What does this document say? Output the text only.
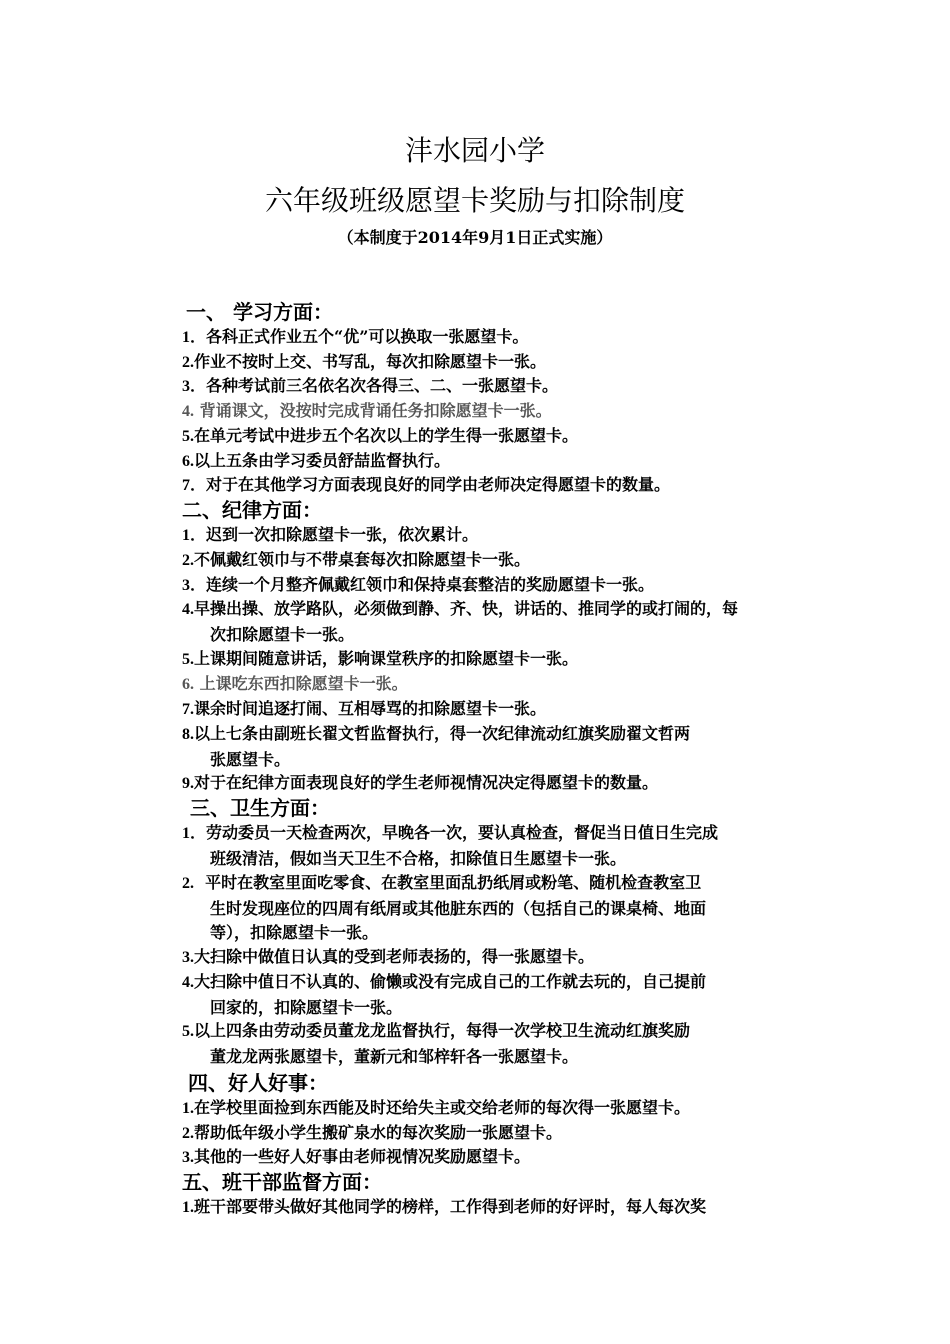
沣水园小学
六年级班级愿望卡奖励与扣除制度
（本制度于2014年9月1日正式实施）
一、 学习方面：
1．各科正式作业五个“优”可以换取一张愿望卡。
2.作业不按时上交、书写乱，每次扣除愿望卡一张。
3．各种考试前三名依名次各得三、二、一张愿望卡。
4. 背诵课文，没按时完成背诵任务扣除愿望卡一张。
5.在单元考试中进步五个名次以上的学生得一张愿望卡。
6.以上五条由学习委员舒喆监督执行。
7．对于在其他学习方面表现良好的同学由老师决定得愿望卡的数量。
二、纪律方面：
1．迟到一次扣除愿望卡一张，依次累计。
2.不佩戴红领巾与不带桌套每次扣除愿望卡一张。
3．连续一个月整齐佩戴红领巾和保持桌套整洁的奖励愿望卡一张。
4.早操出操、放学路队，必须做到静、齐、快，讲话的、推同学的或打闹的，每
次扣除愿望卡一张。
5.上课期间随意讲话，影响课堂秩序的扣除愿望卡一张。
6. 上课吃东西扣除愿望卡一张。
7.课余时间追逐打闹、互相辱骂的扣除愿望卡一张。
8.以上七条由副班长翟文哲监督执行，得一次纪律流动红旗奖励翟文哲两
张愿望卡。
9.对于在纪律方面表现良好的学生老师视情况决定得愿望卡的数量。
三、卫生方面：
1．劳动委员一天检查两次，早晚各一次，要认真检查，督促当日值日生完成
班级清洁，假如当天卫生不合格，扣除值日生愿望卡一张。
2. 平时在教室里面吃零食、在教室里面乱扔纸屑或粉笔、随机检查教室卫
生时发现座位的四周有纸屑或其他脏东西的（包括自己的课桌椅、地面
等），扣除愿望卡一张。
3.大扫除中做值日认真的受到老师表扬的，得一张愿望卡。
4.大扫除中值日不认真的、偷懒或没有完成自己的工作就去玩的，自己提前
回家的，扣除愿望卡一张。
5.以上四条由劳动委员董龙龙监督执行，每得一次学校卫生流动红旗奖励
董龙龙两张愿望卡，董新元和邹梓轩各一张愿望卡。
四、好人好事：
1.在学校里面捡到东西能及时还给失主或交给老师的每次得一张愿望卡。
2.帮助低年级小学生搬矿泉水的每次奖励一张愿望卡。
3.其他的一些好人好事由老师视情况奖励愿望卡。
五、班干部监督方面：
1.班干部要带头做好其他同学的榜样，工作得到老师的好评时，每人每次奖
